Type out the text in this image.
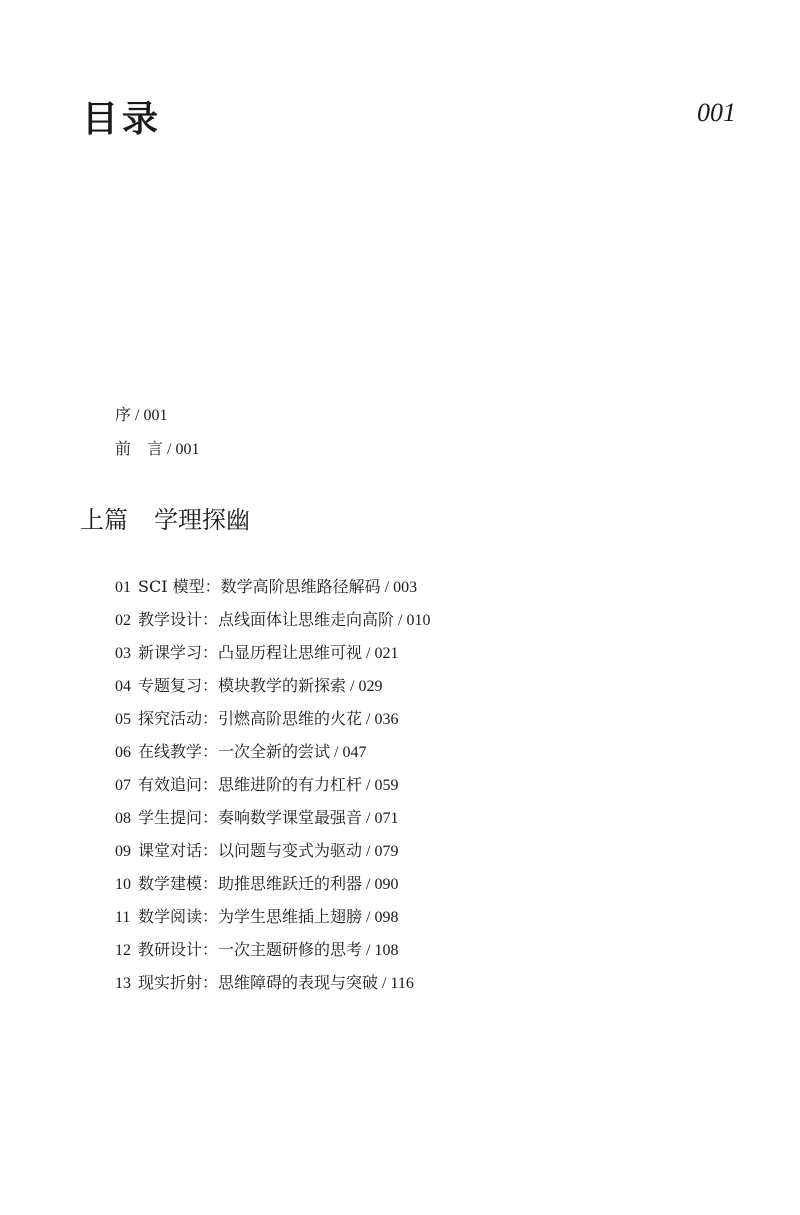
目录	001
序 / 001
前　言 / 001
上篇 学理探幽
01 SCI 模型：数学高阶思维路径解码 / 003
02 教学设计：点线面体让思维走向高阶 / 010
03 新课学习：凸显历程让思维可视 / 021
04 专题复习：模块教学的新探索 / 029
05 探究活动：引燃高阶思维的火花 / 036
06 在线教学：一次全新的尝试 / 047
07 有效追问：思维进阶的有力杠杆 / 059
08 学生提问：奏响数学课堂最强音 / 071
09 课堂对话：以问题与变式为驱动 / 079
10 数学建模：助推思维跃迁的利器 / 090
11 数学阅读：为学生思维插上翅膀 / 098
12 教研设计：一次主题研修的思考 / 108
13 现实折射：思维障碍的表现与突破 / 116
